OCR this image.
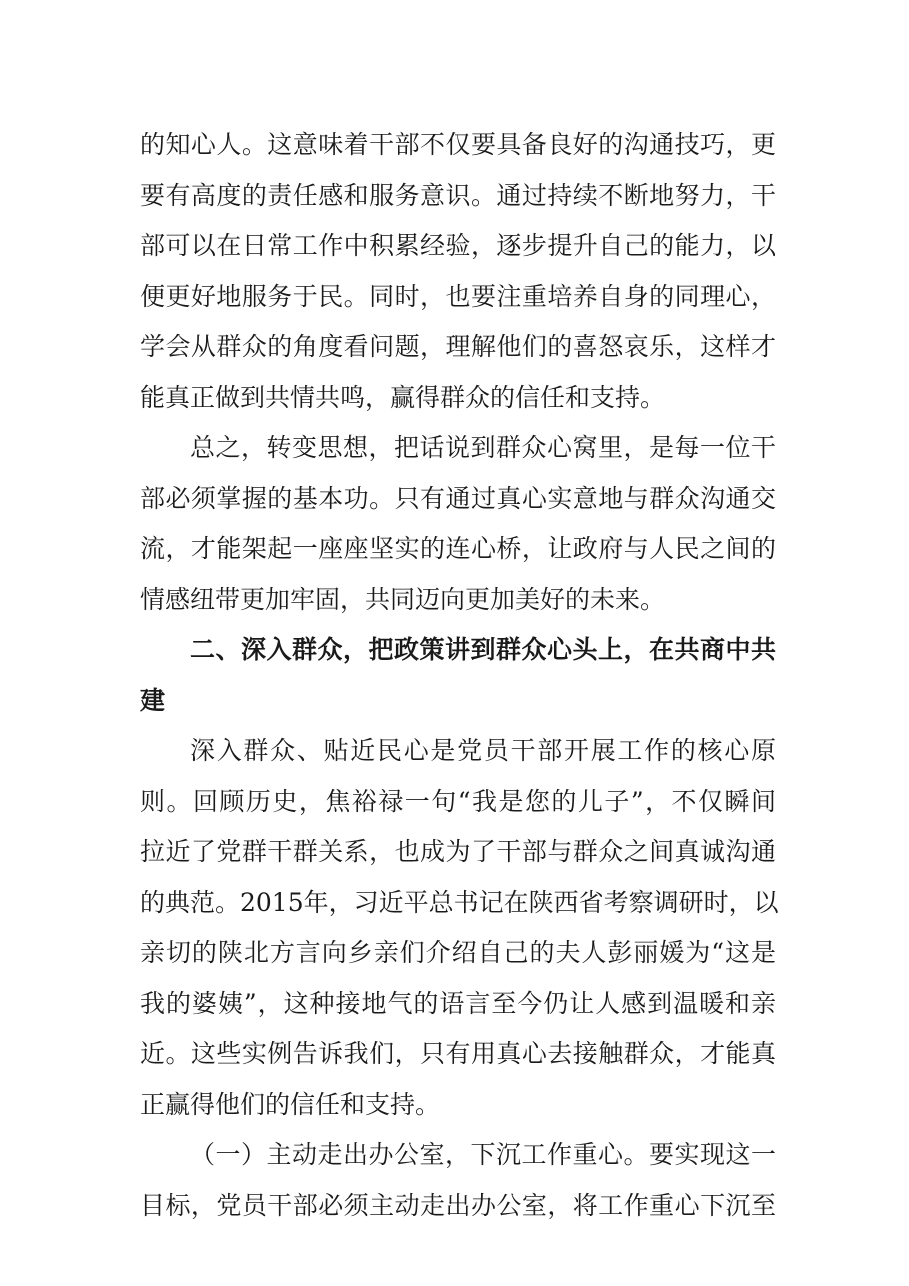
的知心人。这意味着干部不仅要具备良好的沟通技巧，更
要有高度的责任感和服务意识。通过持续不断地努力，干
部可以在日常工作中积累经验，逐步提升自己的能力，以
便更好地服务于民。同时，也要注重培养自身的同理心，
学会从群众的角度看问题，理解他们的喜怒哀乐，这样才
能真正做到共情共鸣，赢得群众的信任和支持。
总之，转变思想，把话说到群众心窝里，是每一位干
部必须掌握的基本功。只有通过真心实意地与群众沟通交
流，才能架起一座座坚实的连心桥，让政府与人民之间的
情感纽带更加牢固，共同迈向更加美好的未来。
二、深入群众，把政策讲到群众心头上，在共商中共
建
深入群众、贴近民心是党员干部开展工作的核心原
则。回顾历史，焦裕禄一句“我是您的儿子”，不仅瞬间
拉近了党群干群关系，也成为了干部与群众之间真诚沟通
的典范。2015年，习近平总书记在陕西省考察调研时，以
亲切的陕北方言向乡亲们介绍自己的夫人彭丽媛为“这是
我的婆姨”，这种接地气的语言至今仍让人感到温暖和亲
近。这些实例告诉我们，只有用真心去接触群众，才能真
正赢得他们的信任和支持。
（一）主动走出办公室，下沉工作重心。要实现这一
目标，党员干部必须主动走出办公室，将工作重心下沉至
